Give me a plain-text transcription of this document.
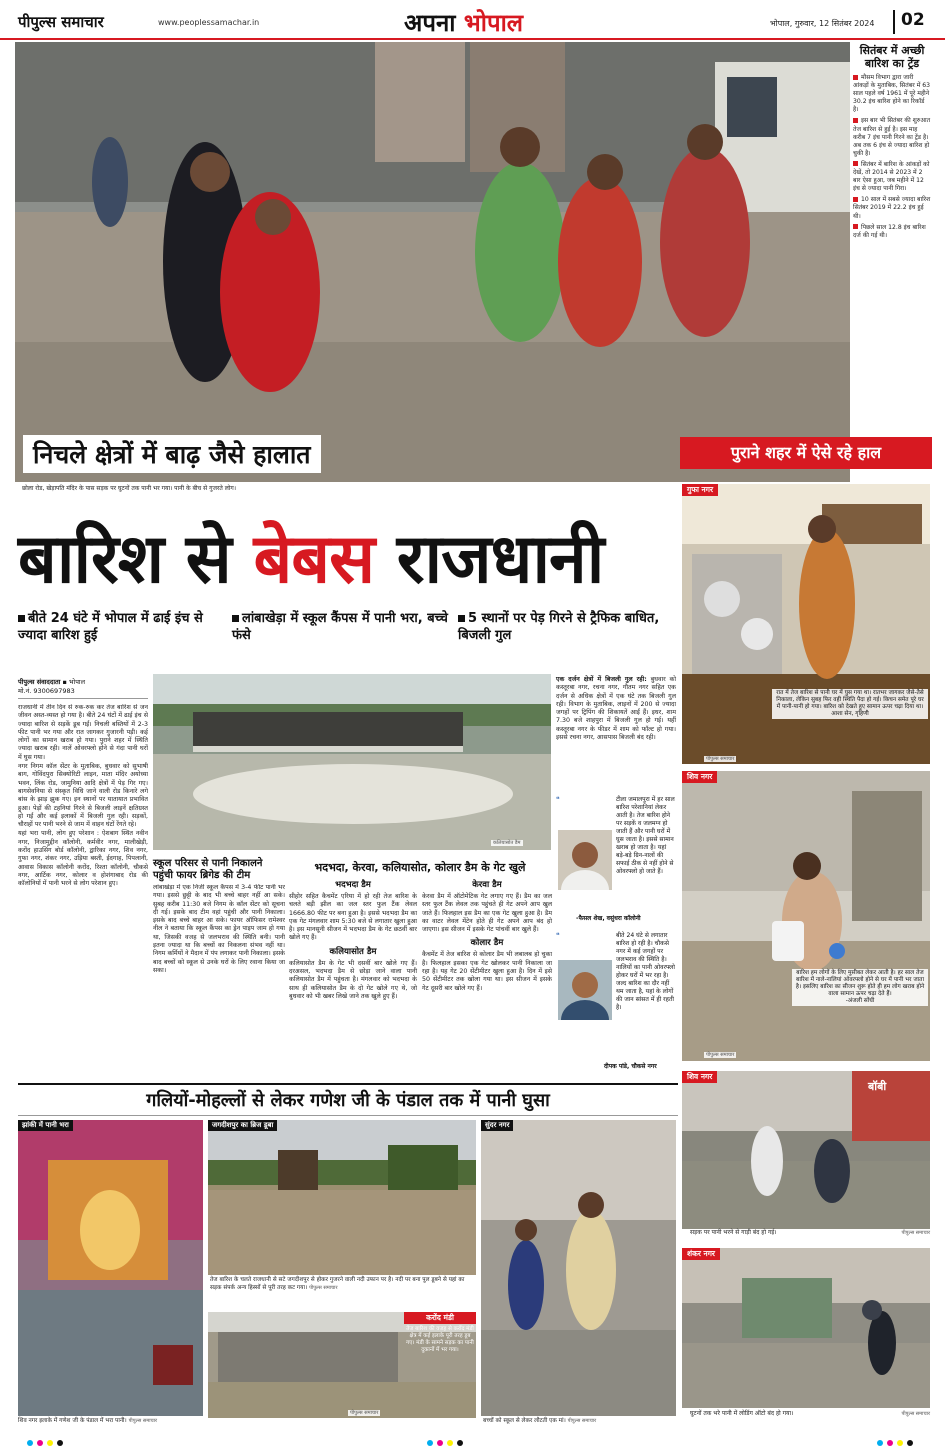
पीपुल्स समाचार	www.peoplessamachar.in	अपना भोपाल	भोपाल, गुरुवार, 12 सितंबर 2024	02
निचले क्षेत्रों में बाढ़ जैसे हालात
छोला रोड, खेड़ापति मंदिर के पास सड़क पर घुटनों तक पानी भर गया। पानी के बीच से गुजरते लोग।
सितंबर में अच्छी बारिश का ट्रेंड

मौसम विभाग द्वारा जारी आंकड़ों के मुताबिक, सितंबर में 63 साल पहले वर्ष 1961 में पूरे महीने 30.2 इंच बारिश होने का रिकॉर्ड है।

इस बार भी सितंबर की शुरुआत तेज बारिश से हुई है। इस माह करीब 7 इंच पानी गिरने का ट्रेंड है। अब तक 6 इंच से ज्यादा बारिश हो चुकी है।

सितंबर में बारिश के आंकड़ों को देखें, तो 2014 से 2023 में 2 बार ऐसा हुआ, जब महीने में 12 इंच से ज्यादा पानी गिरा।

10 साल में सबसे ज्यादा बारिश सितंबर 2019 में 22.2 इंच हुई थी।

पिछले साल 12.8 इंच बारिश दर्ज की गई थी।

पुराने शहर में ऐसे रहे हाल
गुफा नगर
रात में तेज बारिश से पानी घर में घुस गया था। रातभर जागकर जैसे-तैसे निकाला, लेकिन सुबह फिर वही स्थिति पैदा हो गई। किचन समेत पूरे घर में पानी-पानी हो गया। बारिश को देखते हुए सामान ऊपर चढ़ा दिया था।
आशा सेन, गृहिणी
पीपुल्स समाचार
शिव नगर
बारिश हम लोगों के लिए मुसीबत लेकर आती है। हर साल तेज बारिश में नाले-नालियां ओवरफ्लो होने से घर में पानी भर जाता है। इसलिए बारिश का सीजन शुरू होते ही हम लोग खराब होने वाला सामान ऊपर चढ़ा देते हैं।
-अंजली सोंधी
पीपुल्स समाचार
शिव नगर
बॉबी
सड़क पर पानी भरने से गाड़ी बंद हो गई।	पीपुल्स समाचार
शंकर नगर
घुटनों तक भरे पानी में लोडिंग ऑटो बंद हो गया।	पीपुल्स समाचार
बारिश से बेबस राजधानी
बीते 24 घंटे में भोपाल में ढाई इंच से ज्यादा बारिश हुई
लांबाखेड़ा में स्कूल कैंपस में पानी भरा, बच्चे फंसे
5 स्थानों पर पेड़ गिरने से ट्रैफिक बाधित, बिजली गुल
पीपुल्स संवाददाता ▪ भोपाल
मो.नं. 9300697983

राजधानी में तीन दिन से रुक-रुक कर तेज बारिश से जन जीवन अस्त-व्यस्त हो गया है। बीते 24 घंटों में ढाई इंच से ज्यादा बारिश से सड़कें डूब गईं। निचली बस्तियों में 2-3 फीट पानी भर गया और रात जागकर गुजारनी पड़ी। कई लोगों का सामान खराब हो गया। पुराने शहर में स्थिति ज्यादा खराब रही। नालें ओवरफ्लो होने से गंदा पानी घरों में घुस गया।

नगर निगम कॉल सेंटर के मुताबिक, बुधवार को सुभाषी बाग, गोविंदपुरा सिक्योरिटी लाइन, माता मंदिर अयोध्या भवन, लिंक रोड, जामुनिया आदि क्षेत्रों में पेड़ गिर गए। बागसेवनिया से संस्कृत विधि जाने वाली रोड किनारे लगे बांस के झाड़ झुक गए। इन स्थानों पर यातायात प्रभावित हुआ। पेड़ों की टहनियां गिरने से बिजली लाइनें क्षतिग्रस्त हो गईं और कई इलाकों में बिजली गुल रही। सड़कों, चौराहों पर पानी भरने से जाम में वाहन घंटों रेंगते रहे।

यहां भरा पानी, लोग हुए परेशान : ऐशबाग स्थित नवीन नगर, निजामुद्दीन कॉलोनी, कर्मवीर नगर, मालीखेड़ी, करोंद हाउसिंग बोर्ड कॉलोनी, द्वारिका नगर, शिव नगर, गुफा नगर, शंकर नगर, उड़िया बस्ती, ईदगाह, पिपलानी, आवास विकास कॉलोनी करोंद, रिश्ता कॉलोनी, चौकसे नगर, आर्टिक नगर, कोलार व होशंगाबाद रोड की कॉलोनियों में पानी भरने से लोग परेशान हुए।

कलियासोत डैम
स्कूल परिसर से पानी निकालने पहुंची फायर ब्रिगेड की टीम
लांबाखेड़ा में एक निजी स्कूल कैंपस में 3-4 फीट पानी भर गया। इससे छुट्टी के बाद भी बच्चे बाहर नहीं आ सके। सुबह करीब 11:30 बजे निगम के कॉल सेंटर को सूचना दी गई। इसके बाद टीम वहां पहुंची और पानी निकाला। इसके बाद बच्चे बाहर आ सके। फायर ऑफिसर रामेश्वर नील ने बताया कि स्कूल कैंपस का ड्रेन पाइप जाम हो गया था, जिसकी वजह से जलभराव की स्थिति बनी। पानी इतना ज्यादा था कि बच्चों का निकलना संभव नहीं था। निगम कर्मियों ने मैदान में पंप लगाकर पानी निकाला। इसके बाद बच्चों को स्कूल से उनके घरों के लिए रवाना किया जा सका।
भदभदा, केरवा, कलियासोत, कोलार डैम के गेट खुले
भदभदा डैम
सीहोर सहित कैचमेंट एरिया में हो रही तेज बारिश के चलते बड़ी झील का जल स्तर फुल टैंक लेवल 1666.80 फीट पर बना हुआ है। इससे भदभदा डैम का एक गेट मंगलवार शाम 5:30 बजे से लगातार खुला हुआ है। इस मानसूनी सीजन में भदभदा डैम के गेट छठवीं बार खोले गए हैं।
कलियासोत डैम
कलियासोत डैम के गेट भी दसवीं बार खोले गए हैं। दरअसल, भदभदा डैम से छोड़ा जाने वाला पानी कलियासोत डैम में पहुंचता है। मंगलवार को भदभदा के साथ ही कलियासोत डैम के दो गेट खोले गए थे, जो बुधवार को भी खबर लिखे जाने तक खुले हुए हैं।
केरवा डैम
केरवा डैम में ऑटोमेटिक गेट लगाए गए हैं। डैम का जल स्तर फुल टैंक लेवल तक पहुंचते ही गेट अपने आप खुल जाते हैं। फिलहाल इस डैम का एक गेट खुला हुआ है। डैम का वाटर लेवल मेंटेन होते ही गेट अपने आप बंद हो जाएगा। इस सीजन में इसके गेट पांचवीं बार खुले हैं।
कोलार डैम
कैचमेंट में तेज बारिश से कोलार डैम भी लबालब हो चुका है। फिलहाल इसका एक गेट खोलकर पानी निकाला जा रहा है। यह गेट 20 सेंटीमीटर खुला हुआ है। दिन में इसे 50 सेंटीमीटर तक खोला गया था। इस सीजन में इसके गेट दूसरी बार खोले गए हैं।
एक दर्जन क्षेत्रों में बिजली गुल रही: बुधवार को कस्तूरबा नगर, रचना नगर, गौतम नगर सहित एक दर्जन से अधिक क्षेत्रों में एक घंटे तक बिजली गुल रही। विभाग के मुताबिक, लाइनों में 200 से ज्यादा जगहों पर ट्रिपिंग की शिकायतें आईं हैं। इधर, शाम 7.30 बजे शाहपुरा में बिजली गुल हो गई। यहीं कस्तूरबा नगर के फीडर में शाम को फॉल्ट हो गया। इससे रचना नगर, आसपास बिजली बंद रही।
❝	टीला जमालपुरा में हर साल बारिश परेशानियां लेकर आती है। तेज बारिश होने पर सड़कें व जलमग्न हो जाती हैं और पानी घरों में घुस जाता है। इससे सामान खराब हो जाता है। यहां बड़े-बड़े ग्रिन-नालों की सफाई ठीक से नहीं होने से ओवरफ्लो हो जाते हैं।
-फैसल शेख, वसुंधरा कॉलोनी
❝	बीते 24 घंटे से लगातार बारिश हो रही है। चौकसे नगर में कई जगहों पर जलभराव की स्थिति है। नालियों का पानी ओवरफ्लो होकर घरों में भर रहा है। जल्द बारिश का दौर नहीं थम जाता है, यहां के लोगों की जान सांसत में ही रहती है।
दीपक पांडे, चौकसे नगर
गलियों-मोहल्लों से लेकर गणेश जी के पंडाल तक में पानी घुसा
झांकी में पानी भरा
शिव नगर इलाके में गणेश जी के पंडाल में भरा पानी। पीपुल्स समाचार
जगदीशपुर का ब्रिज डूबा
तेज बारिश के चलते राजधानी से सटे जगदीशपुर से होकर गुजरने वाली नदी उफान पर है। नदी पर बना पुल डूबने से यहां का सड़क संपर्क अन्य हिस्सों से पूरी तरह कट गया। पीपुल्स समाचार
करोंद मंडी
तेज बारिश की वजह से करोंद मंडी क्षेत्र में कई इलाके पूरी तरह डूब गए। मंडी के सामने सड़क का पानी दुकानों में भर गया।
पीपुल्स समाचार
सुंदर नगर
बच्चों को स्कूल से लेकर लौटती एक मां। पीपुल्स समाचार
